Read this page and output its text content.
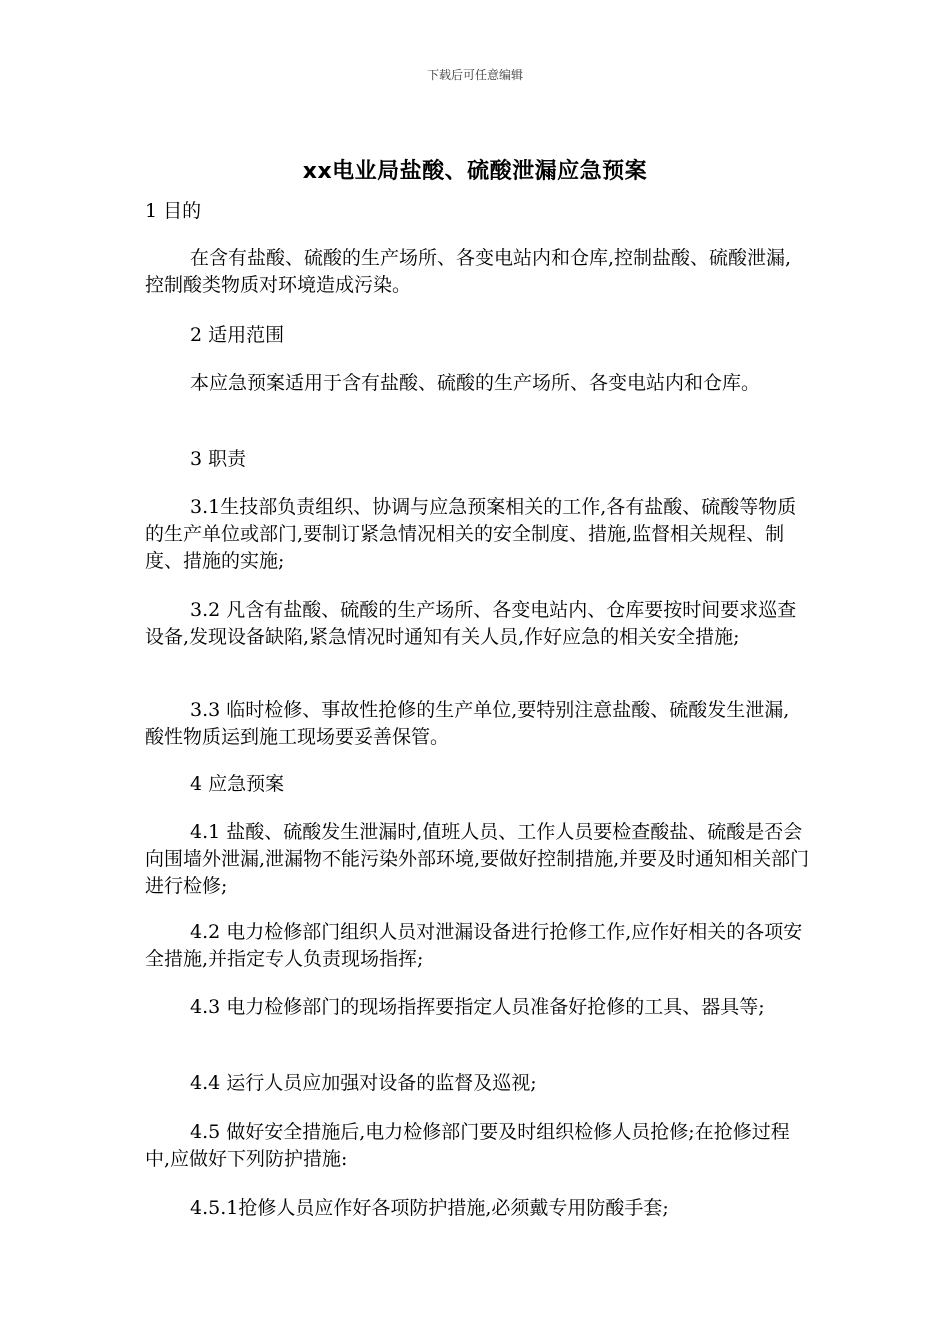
下载后可任意编辑
xx电业局盐酸、硫酸泄漏应急预案

1 目的

在含有盐酸、硫酸的生产场所、各变电站内和仓库,控制盐酸、硫酸泄漏,控制酸类物质对环境造成污染。

2 适用范围

本应急预案适用于含有盐酸、硫酸的生产场所、各变电站内和仓库。

3 职责

3.1生技部负责组织、协调与应急预案相关的工作,各有盐酸、硫酸等物质的生产单位或部门,要制订紧急情况相关的安全制度、措施,监督相关规程、制度、措施的实施;

3.2 凡含有盐酸、硫酸的生产场所、各变电站内、仓库要按时间要求巡查设备,发现设备缺陷,紧急情况时通知有关人员,作好应急的相关安全措施;

3.3 临时检修、事故性抢修的生产单位,要特别注意盐酸、硫酸发生泄漏, 酸性物质运到施工现场要妥善保管。

4 应急预案

4.1 盐酸、硫酸发生泄漏时,值班人员、工作人员要检查酸盐、硫酸是否会向围墙外泄漏,泄漏物不能污染外部环境,要做好控制措施,并要及时通知相关部门进行检修;

4.2 电力检修部门组织人员对泄漏设备进行抢修工作,应作好相关的各项安全措施,并指定专人负责现场指挥;

4.3 电力检修部门的现场指挥要指定人员准备好抢修的工具、器具等;

4.4 运行人员应加强对设备的监督及巡视;

4.5 做好安全措施后,电力检修部门要及时组织检修人员抢修;在抢修过程中,应做好下列防护措施:

4.5.1抢修人员应作好各项防护措施,必须戴专用防酸手套;
